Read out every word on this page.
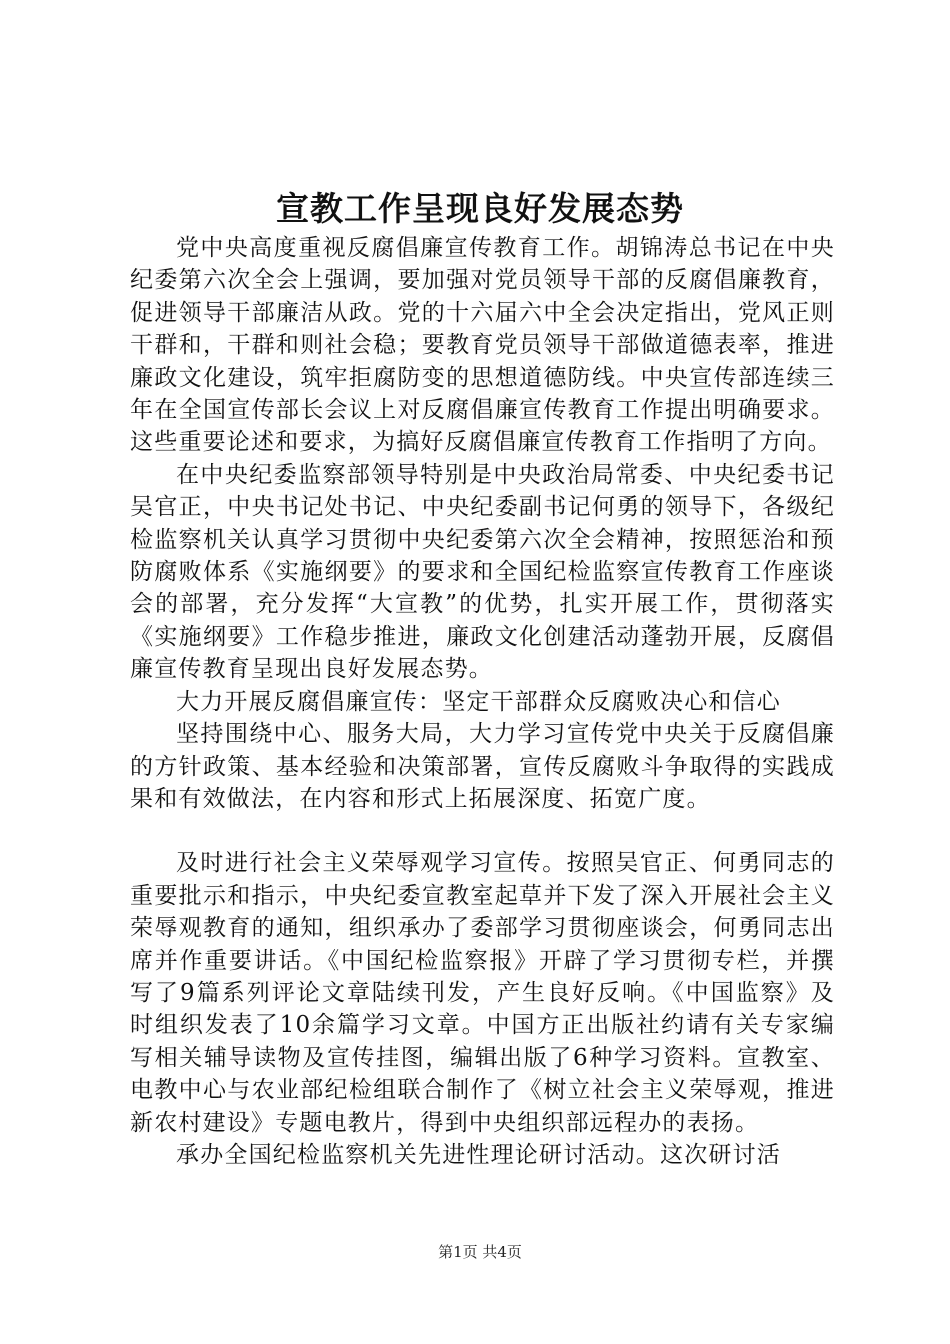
宣教工作呈现良好发展态势

党中央高度重视反腐倡廉宣传教育工作。胡锦涛总书记在中央纪委第六次全会上强调，要加强对党员领导干部的反腐倡廉教育，促进领导干部廉洁从政。党的十六届六中全会决定指出，党风正则干群和，干群和则社会稳；要教育党员领导干部做道德表率，推进廉政文化建设，筑牢拒腐防变的思想道德防线。中央宣传部连续三年在全国宣传部长会议上对反腐倡廉宣传教育工作提出明确要求。这些重要论述和要求，为搞好反腐倡廉宣传教育工作指明了方向。

在中央纪委监察部领导特别是中央政治局常委、中央纪委书记吴官正，中央书记处书记、中央纪委副书记何勇的领导下，各级纪检监察机关认真学习贯彻中央纪委第六次全会精神，按照惩治和预防腐败体系《实施纲要》的要求和全国纪检监察宣传教育工作座谈会的部署，充分发挥“大宣教”的优势，扎实开展工作，贯彻落实《实施纲要》工作稳步推进，廉政文化创建活动蓬勃开展，反腐倡廉宣传教育呈现出良好发展态势。

大力开展反腐倡廉宣传：坚定干部群众反腐败决心和信心

坚持围绕中心、服务大局，大力学习宣传党中央关于反腐倡廉的方针政策、基本经验和决策部署，宣传反腐败斗争取得的实践成果和有效做法，在内容和形式上拓展深度、拓宽广度。

及时进行社会主义荣辱观学习宣传。按照吴官正、何勇同志的重要批示和指示，中央纪委宣教室起草并下发了深入开展社会主义荣辱观教育的通知，组织承办了委部学习贯彻座谈会，何勇同志出席并作重要讲话。《中国纪检监察报》开辟了学习贯彻专栏，并撰写了9篇系列评论文章陆续刊发，产生良好反响。《中国监察》及时组织发表了10余篇学习文章。中国方正出版社约请有关专家编写相关辅导读物及宣传挂图，编辑出版了6种学习资料。宣教室、电教中心与农业部纪检组联合制作了《树立社会主义荣辱观，推进新农村建设》专题电教片，得到中央组织部远程办的表扬。

承办全国纪检监察机关先进性理论研讨活动。这次研讨活

第1页 共4页
